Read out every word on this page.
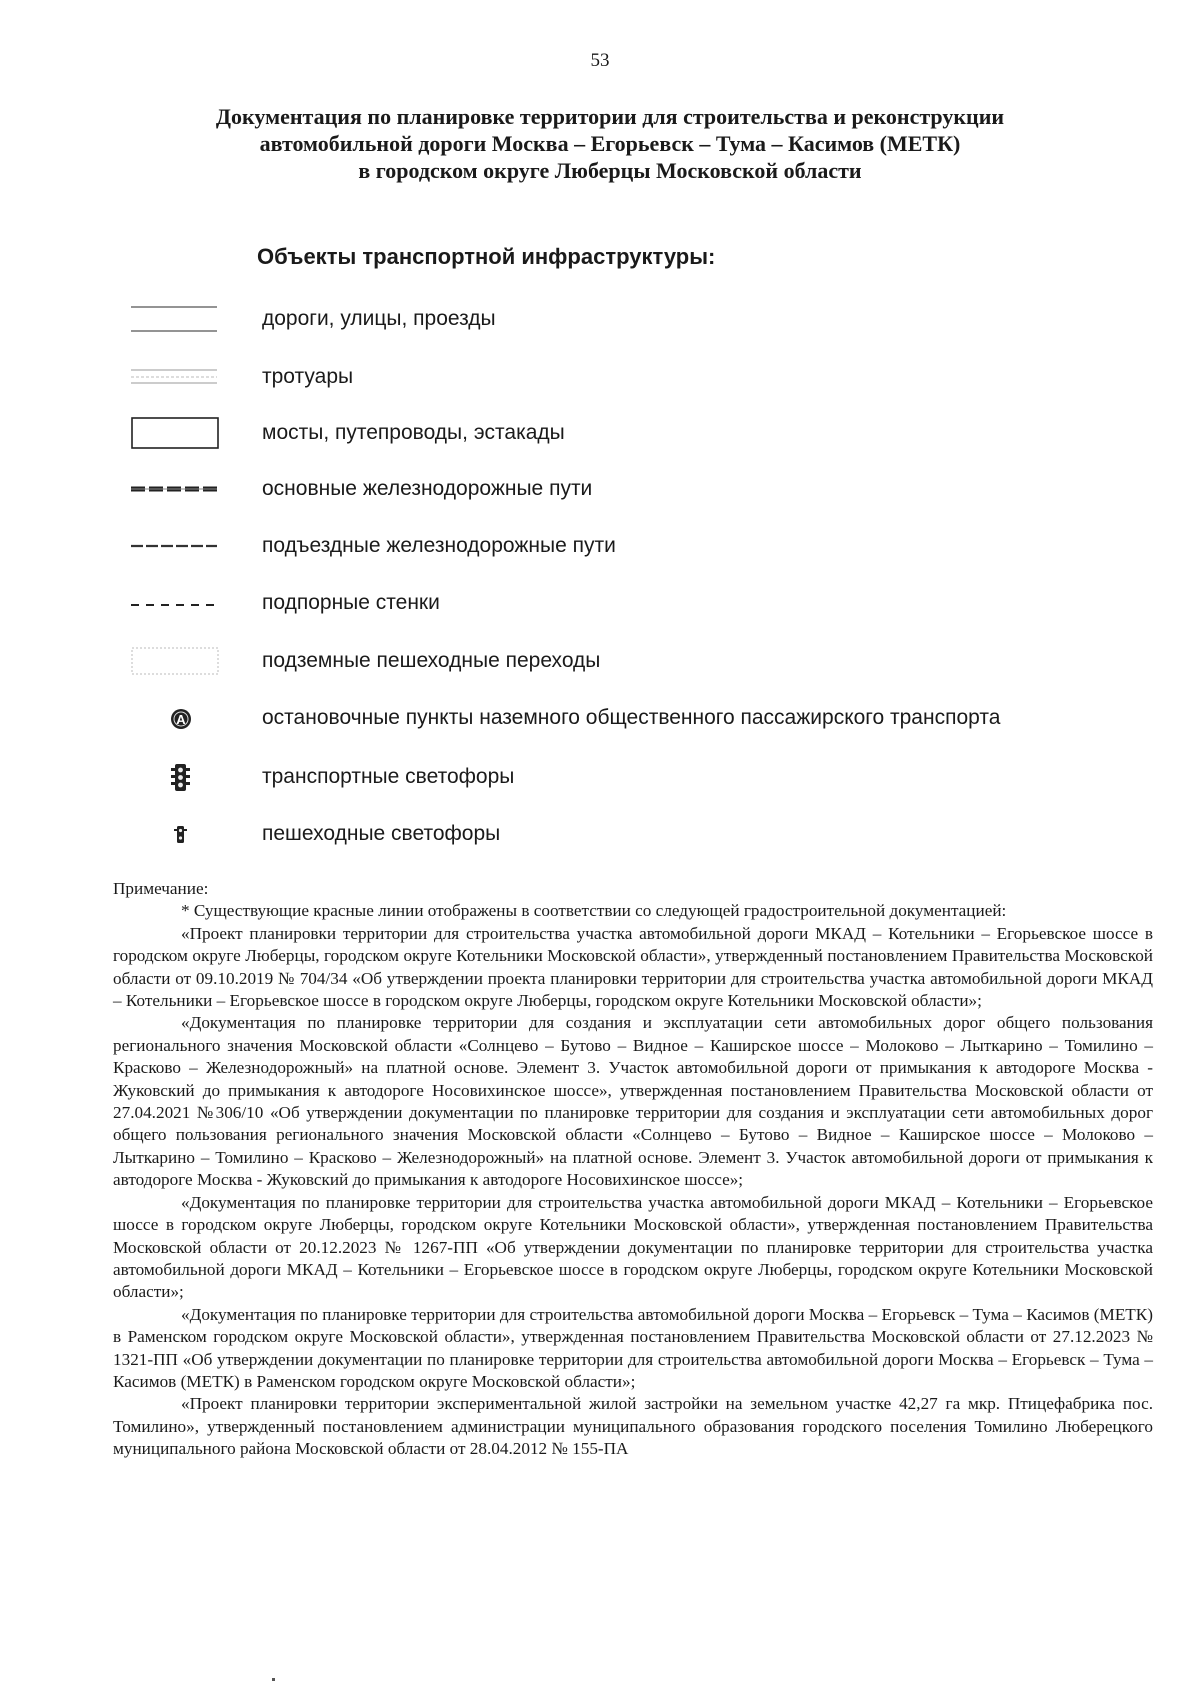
53
Документация по планировке территории для строительства и реконструкции
автомобильной дороги Москва – Егорьевск – Тума – Касимов (МЕТК)
в городском округе Люберцы Московской области
Объекты транспортной инфраструктуры:
дороги, улицы, проезды
тротуары
мосты, путепроводы, эстакады
основные железнодорожные пути
подъездные железнодорожные пути
подпорные стенки
подземные пешеходные переходы
A	остановочные пункты наземного общественного пассажирского транспорта
транспортные светофоры
пешеходные светофоры

Примечание:

* Существующие красные линии отображены в соответствии со следующей градостроительной документацией:

«Проект планировки территории для строительства участка автомобильной дороги МКАД – Котельники – Егорьевское шоссе в городском округе Люберцы, городском округе Котельники Московской области», утвержденный постановлением Правительства Московской области от 09.10.2019 № 704/34 «Об утверждении проекта планировки территории для строительства участка автомобильной дороги МКАД – Котельники – Егорьевское шоссе в городском округе Люберцы, городском округе Котельники Московской области»;

«Документация по планировке территории для создания и эксплуатации сети автомобильных дорог общего пользования регионального значения Московской области «Солнцево – Бутово – Видное – Каширское шоссе – Молоково – Лыткарино – Томилино – Красково – Железнодорожный» на платной основе. Элемент 3. Участок автомобильной дороги от примыкания к автодороге Москва - Жуковский до примыкания к автодороге Носовихинское шоссе», утвержденная постановлением Правительства Московской области от 27.04.2021 №306/10 «Об утверждении документации по планировке территории для создания и эксплуатации сети автомобильных дорог общего пользования регионального значения Московской области «Солнцево – Бутово – Видное – Каширское шоссе – Молоково – Лыткарино – Томилино – Красково – Железнодорожный» на платной основе. Элемент 3. Участок автомобильной дороги от примыкания к автодороге Москва - Жуковский до примыкания к автодороге Носовихинское шоссе»;

«Документация по планировке территории для строительства участка автомобильной дороги МКАД – Котельники – Егорьевское шоссе в городском округе Люберцы, городском округе Котельники Московской области», утвержденная постановлением Правительства Московской области от 20.12.2023 № 1267-ПП «Об утверждении документации по планировке территории для строительства участка автомобильной дороги МКАД – Котельники – Егорьевское шоссе в городском округе Люберцы, городском округе Котельники Московской области»;

«Документация по планировке территории для строительства автомобильной дороги Москва – Егорьевск – Тума – Касимов (МЕТК) в Раменском городском округе Московской области», утвержденная постановлением Правительства Московской области от 27.12.2023 № 1321-ПП «Об утверждении документации по планировке территории для строительства автомобильной дороги Москва – Егорьевск – Тума – Касимов (МЕТК) в Раменском городском округе Московской области»;

«Проект планировки территории экспериментальной жилой застройки на земельном участке 42,27 га мкр. Птицефабрика пос. Томилино», утвержденный постановлением администрации муниципального образования городского поселения Томилино Люберецкого муниципального района Московской области от 28.04.2012 № 155-ПА
